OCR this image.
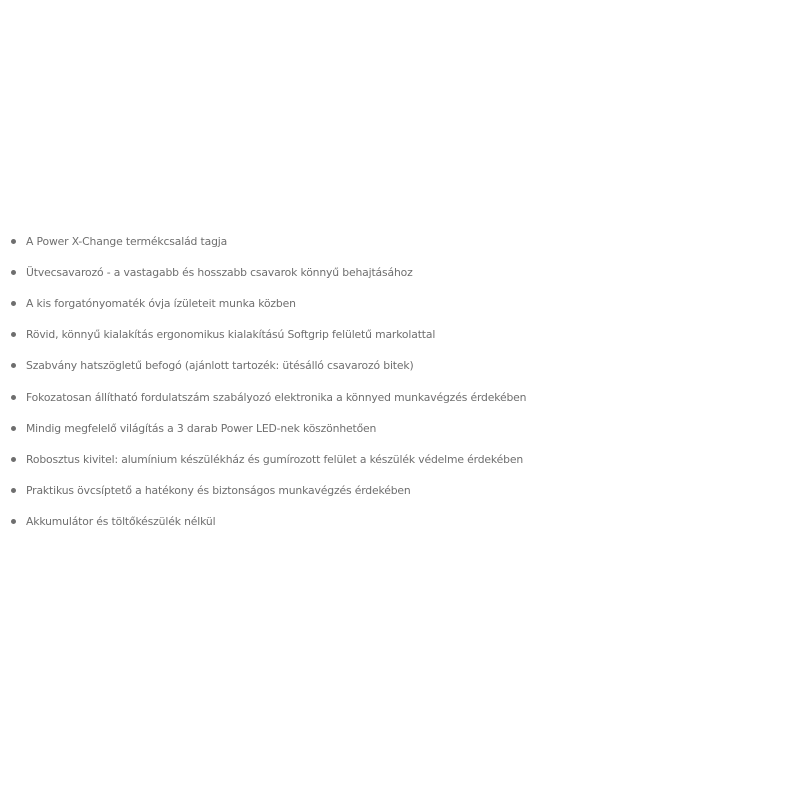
A Power X-Change termékcsalád tagja
Ütvecsavarozó - a vastagabb és hosszabb csavarok könnyű behajtásához
A kis forgatónyomaték óvja ízületeit munka közben
Rövid, könnyű kialakítás ergonomikus kialakítású Softgrip felületű markolattal
Szabvány hatszögletű befogó (ajánlott tartozék: ütésálló csavarozó bitek)
Fokozatosan állítható fordulatszám szabályozó elektronika a könnyed munkavégzés érdekében
Mindig megfelelő világítás a 3 darab Power LED-nek köszönhetően
Robosztus kivitel: alumínium készülékház és gumírozott felület a készülék védelme érdekében
Praktikus övcsíptető a hatékony és biztonságos munkavégzés érdekében
Akkumulátor és töltőkészülék nélkül
